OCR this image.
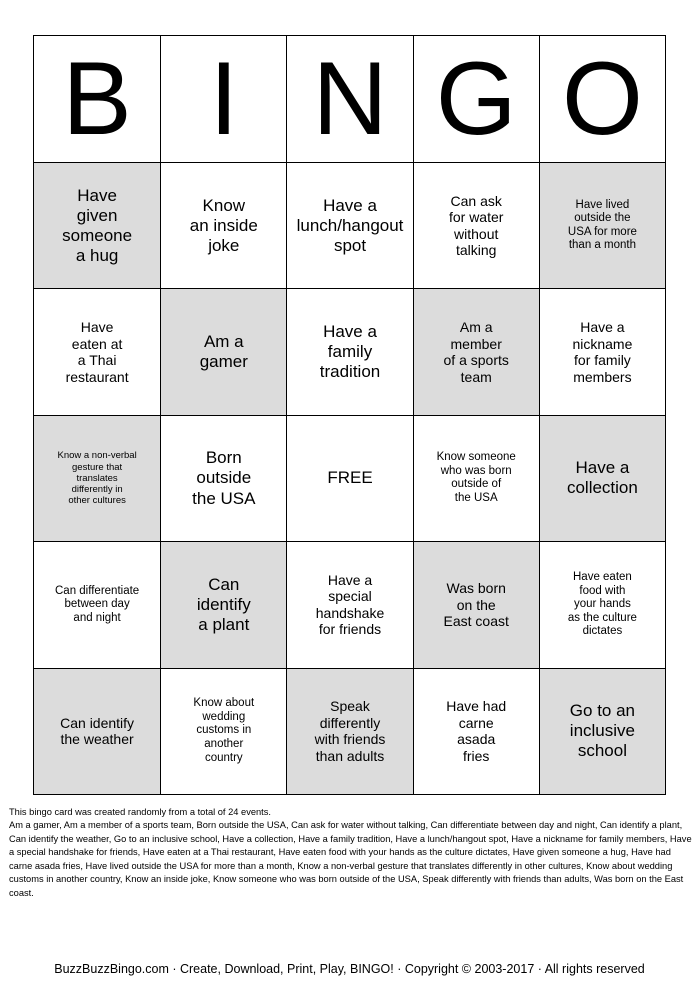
B I N G O
Have
given
someone
a hug
Know
an inside
joke
Have a
lunch/hangout
spot
Can ask
for water
without
talking
Have lived
outside the
USA for more
than a month
Have
eaten at
a Thai
restaurant
Am a
gamer
Have a
family
tradition
Am a
member
of a sports
team
Have a
nickname
for family
members
Know a non-verbal
gesture that
translates
differently in
other cultures
Born
outside
the USA
FREE
Know someone
who was born
outside of
the USA
Have a
collection
Can differentiate
between day
and night
Can
identify
a plant
Have a
special
handshake
for friends
Was born
on the
East coast
Have eaten
food with
your hands
as the culture
dictates
Can identify
the weather
Know about
wedding
customs in
another
country
Speak
differently
with friends
than adults
Have had
carne
asada
fries
Go to an
inclusive
school
This bingo card was created randomly from a total of 24 events.
Am a gamer, Am a member of a sports team, Born outside the USA, Can ask for water without talking, Can differentiate between day and night, Can identify a plant, Can identify the weather, Go to an inclusive school, Have a collection, Have a family tradition, Have a lunch/hangout spot, Have a nickname for family members, Have a special handshake for friends, Have eaten at a Thai restaurant, Have eaten food with your hands as the culture dictates, Have given someone a hug, Have had carne asada fries, Have lived outside the USA for more than a month, Know a non-verbal gesture that translates differently in other cultures, Know about wedding customs in another country, Know an inside joke, Know someone who was born outside of the USA, Speak differently with friends than adults, Was born on the East coast.
BuzzBuzzBingo.com · Create, Download, Print, Play, BINGO! · Copyright © 2003-2017 · All rights reserved
